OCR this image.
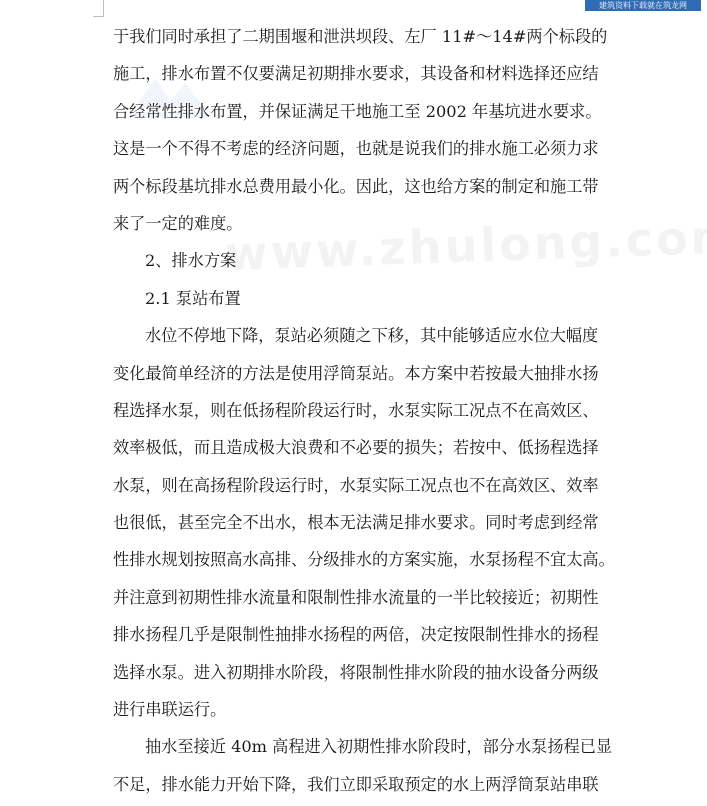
建筑资料下载就在筑龙网
于我们同时承担了二期围堰和泄洪坝段、左厂 11#～14#两个标段的
施工，排水布置不仅要满足初期排水要求，其设备和材料选择还应结
合经常性排水布置，并保证满足干地施工至 2002 年基坑进水要求。
这是一个不得不考虑的经济问题，也就是说我们的排水施工必须力求
两个标段基坑排水总费用最小化。因此，这也给方案的制定和施工带
来了一定的难度。
2、排水方案
2.1 泵站布置
水位不停地下降，泵站必须随之下移，其中能够适应水位大幅度
变化最简单经济的方法是使用浮筒泵站。本方案中若按最大抽排水扬
程选择水泵，则在低扬程阶段运行时，水泵实际工况点不在高效区、
效率极低，而且造成极大浪费和不必要的损失；若按中、低扬程选择
水泵，则在高扬程阶段运行时，水泵实际工况点也不在高效区、效率
也很低，甚至完全不出水，根本无法满足排水要求。同时考虑到经常
性排水规划按照高水高排、分级排水的方案实施，水泵扬程不宜太高。
并注意到初期性排水流量和限制性排水流量的一半比较接近；初期性
排水扬程几乎是限制性抽排水扬程的两倍，决定按限制性排水的扬程
选择水泵。进入初期排水阶段，将限制性排水阶段的抽水设备分两级
进行串联运行。
抽水至接近 40m 高程进入初期性排水阶段时，部分水泵扬程已显
不足，排水能力开始下降，我们立即采取预定的水上两浮筒泵站串联
